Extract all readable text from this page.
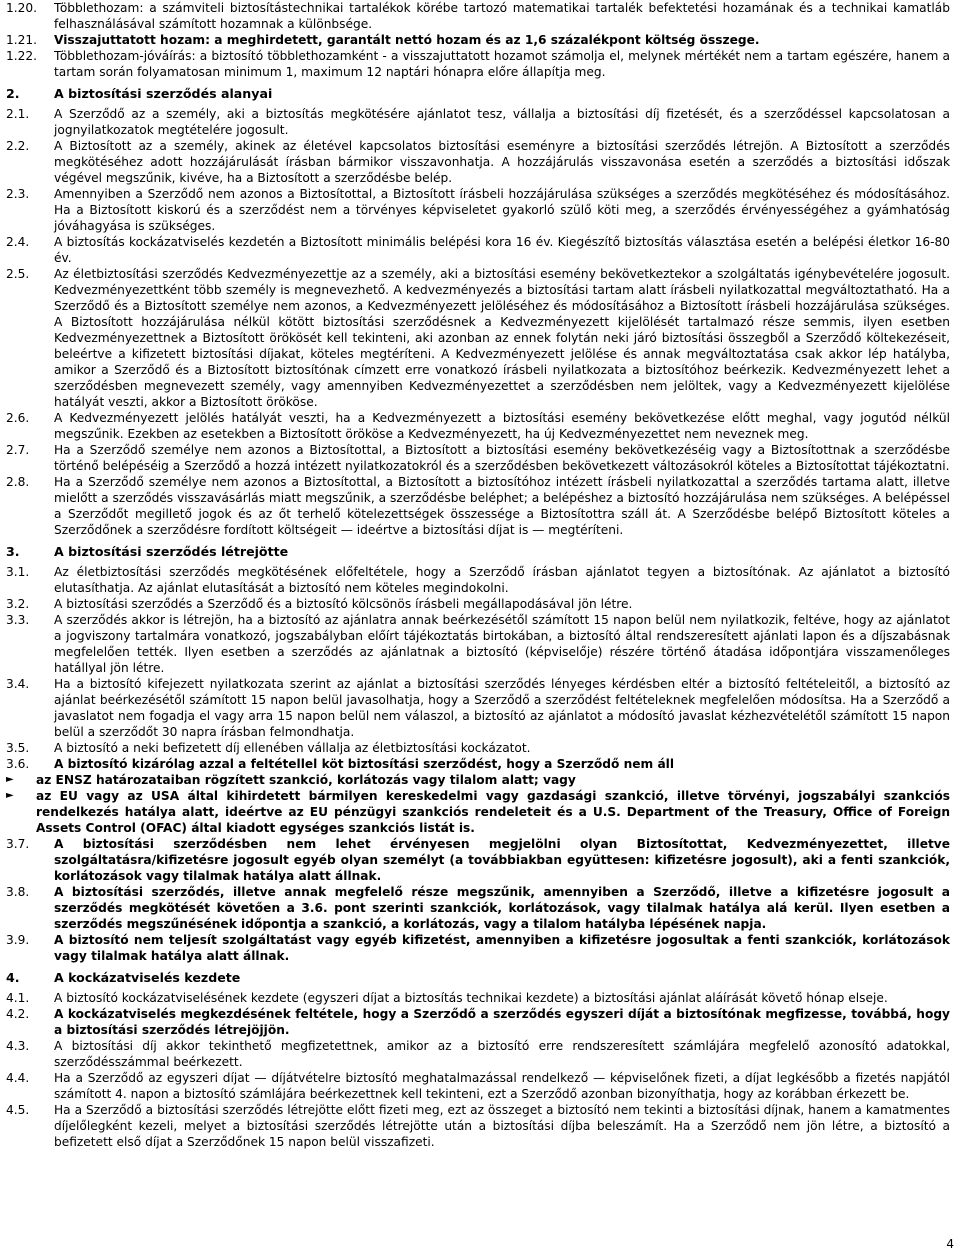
1.20.	Többlethozam: a számviteli biztosítástechnikai tartalékok körébe tartozó matematikai tartalék befektetési hozamának és a technikai kamatláb felhasználásával számított hozamnak a különbsége.
1.21.	Visszajuttatott hozam: a meghirdetett, garantált nettó hozam és az 1,6 százalékpont költség összege.
1.22.	Többlethozam-jóváírás: a biztosító többlethozamként - a visszajuttatott hozamot számolja el, melynek mértékét nem a tartam egészére, hanem a tartam során folyamatosan minimum 1, maximum 12 naptári hónapra előre állapítja meg.
2.	A biztosítási szerződés alanyai
2.1.	A Szerződő az a személy, aki a biztosítás megkötésére ajánlatot tesz, vállalja a biztosítási díj fizetését, és a szerződéssel kapcsolatosan a jognyilatkozatok megtételére jogosult.
2.2.	A Biztosított az a személy, akinek az életével kapcsolatos biztosítási eseményre a biztosítási szerződés létrejön. A Biztosított a szerződés megkötéséhez adott hozzájárulását írásban bármikor visszavonhatja. A hozzájárulás visszavonása esetén a szerződés a biztosítási időszak végével megszűnik, kivéve, ha a Biztosított a szerződésbe belép.
2.3.	Amennyiben a Szerződő nem azonos a Biztosítottal, a Biztosított írásbeli hozzájárulása szükséges a szerződés megkötéséhez és módosításához. Ha a Biztosított kiskorú és a szerződést nem a törvényes képviseletet gyakorló szülő köti meg, a szerződés érvényességéhez a gyámhatóság jóváhagyása is szükséges.
2.4.	A biztosítás kockázatviselés kezdetén a Biztosított minimális belépési kora 16 év. Kiegészítő biztosítás választása esetén a belépési életkor 16-80 év.
2.5.	Az életbiztosítási szerződés Kedvezményezettje az a személy, aki a biztosítási esemény bekövetkeztekor a szolgáltatás igénybevételére jogosult. Kedvezményezettként több személy is megnevezhető. A kedvezményezés a biztosítási tartam alatt írásbeli nyilatkozattal megváltoztatható. Ha a Szerződő és a Biztosított személye nem azonos, a Kedvezményezett jelöléséhez és módosításához a Biztosított írásbeli hozzájárulása szükséges. A Biztosított hozzájárulása nélkül kötött biztosítási szerződésnek a Kedvezményezett kijelölését tartalmazó része semmis, ilyen esetben Kedvezményezettnek a Biztosított örökösét kell tekinteni, aki azonban az ennek folytán neki járó biztosítási összegből a Szerződő költekezéseit, beleértve a kifizetett biztosítási díjakat, köteles megtéríteni. A Kedvezményezett jelölése és annak megváltoztatása csak akkor lép hatályba, amikor a Szerződő és a Biztosított biztosítónak címzett erre vonatkozó írásbeli nyilatkozata a biztosítóhoz beérkezik. Kedvezményezett lehet a szerződésben megnevezett személy, vagy amennyiben Kedvezményezettet a szerződésben nem jelöltek, vagy a Kedvezményezett kijelölése hatályát veszti, akkor a Biztosított örököse.
2.6.	A Kedvezményezett jelölés hatályát veszti, ha a Kedvezményezett a biztosítási esemény bekövetkezése előtt meghal, vagy jogutód nélkül megszűnik. Ezekben az esetekben a Biztosított örököse a Kedvezményezett, ha új Kedvezményezettet nem neveznek meg.
2.7.	Ha a Szerződő személye nem azonos a Biztosítottal, a Biztosított a biztosítási esemény bekövetkezéséig vagy a Biztosítottnak a szerződésbe történő belépéséig a Szerződő a hozzá intézett nyilatkozatokról és a szerződésben bekövetkezett változásokról köteles a Biztosítottat tájékoztatni.
2.8.	Ha a Szerződő személye nem azonos a Biztosítottal, a Biztosított a biztosítóhoz intézett írásbeli nyilatkozattal a szerződés tartama alatt, illetve mielőtt a szerződés visszavásárlás miatt megszűnik, a szerződésbe beléphet; a belépéshez a biztosító hozzájárulása nem szükséges. A belépéssel a Szerződőt megillető jogok és az őt terhelő kötelezettségek összessége a Biztosítottra száll át. A Szerződésbe belépő Biztosított köteles a Szerződőnek a szerződésre fordított költségeit — ideértve a biztosítási díjat is — megtéríteni.
3.	A biztosítási szerződés létrejötte
3.1.	Az életbiztosítási szerződés megkötésének előfeltétele, hogy a Szerződő írásban ajánlatot tegyen a biztosítónak. Az ajánlatot a biztosító elutasíthatja. Az ajánlat elutasítását a biztosító nem köteles megindokolni.
3.2.	A biztosítási szerződés a Szerződő és a biztosító kölcsönös írásbeli megállapodásával jön létre.
3.3.	A szerződés akkor is létrejön, ha a biztosító az ajánlatra annak beérkezésétől számított 15 napon belül nem nyilatkozik, feltéve, hogy az ajánlatot a jogviszony tartalmára vonatkozó, jogszabályban előírt tájékoztatás birtokában, a biztosító által rendszeresített ajánlati lapon és a díjszabásnak megfelelően tették. Ilyen esetben a szerződés az ajánlatnak a biztosító (képviselője) részére történő átadása időpontjára visszamenőleges hatállyal jön létre.
3.4.	Ha a biztosító kifejezett nyilatkozata szerint az ajánlat a biztosítási szerződés lényeges kérdésben eltér a biztosító feltételeitől, a biztosító az ajánlat beérkezésétől számított 15 napon belül javasolhatja, hogy a Szerződő a szerződést feltételeknek megfelelően módosítsa. Ha a Szerződő a javaslatot nem fogadja el vagy arra 15 napon belül nem válaszol, a biztosító az ajánlatot a módosító javaslat kézhezvételétől számított 15 napon belül a szerződőt 30 napra írásban felmondhatja.
3.5.	A biztosító a neki befizetett díj ellenében vállalja az életbiztosítási kockázatot.
3.6.	A biztosító kizárólag azzal a feltétellel köt biztosítási szerződést, hogy a Szerződő nem áll
►	az ENSZ határozataiban rögzített szankció, korlátozás vagy tilalom alatt; vagy
►	az EU vagy az USA által kihirdetett bármilyen kereskedelmi vagy gazdasági szankció, illetve törvényi, jogszabályi szankciós rendelkezés hatálya alatt, ideértve az EU pénzügyi szankciós rendeleteit és a U.S. Department of the Treasury, Office of Foreign Assets Control (OFAC) által kiadott egységes szankciós listát is.
3.7.	A biztosítási szerződésben nem lehet érvényesen megjelölni olyan Biztosítottat, Kedvezményezettet, illetve szolgáltatásra/kifizetésre jogosult egyéb olyan személyt (a továbbiakban együttesen: kifizetésre jogosult), aki a fenti szankciók, korlátozások vagy tilalmak hatálya alatt állnak.
3.8.	A biztosítási szerződés, illetve annak megfelelő része megszűnik, amennyiben a Szerződő, illetve a kifizetésre jogosult a szerződés megkötését követően a 3.6. pont szerinti szankciók, korlátozások, vagy tilalmak hatálya alá kerül. Ilyen esetben a szerződés megszűnésének időpontja a szankció, a korlátozás, vagy a tilalom hatályba lépésének napja.
3.9.	A biztosító nem teljesít szolgáltatást vagy egyéb kifizetést, amennyiben a kifizetésre jogosultak a fenti szankciók, korlátozások vagy tilalmak hatálya alatt állnak.
4.	A kockázatviselés kezdete
4.1.	A biztosító kockázatviselésének kezdete (egyszeri díjat a biztosítás technikai kezdete) a biztosítási ajánlat aláírását követő hónap elseje.
4.2.	A kockázatviselés megkezdésének feltétele, hogy a Szerződő a szerződés egyszeri díját a biztosítónak megfizesse, továbbá, hogy a biztosítási szerződés létrejöjjön.
4.3.	A biztosítási díj akkor tekinthető megfizetettnek, amikor az a biztosító erre rendszeresített számlájára megfelelő azonosító adatokkal, szerződésszámmal beérkezett.
4.4.	Ha a Szerződő az egyszeri díjat — díjátvételre biztosító meghatalmazással rendelkező — képviselőnek fizeti, a díjat legkésőbb a fizetés napjától számított 4. napon a biztosító számlájára beérkezettnek kell tekinteni, ezt a Szerződő azonban bizonyíthatja, hogy az korábban érkezett be.
4.5.	Ha a Szerződő a biztosítási szerződés létrejötte előtt fizeti meg, ezt az összeget a biztosító nem tekinti a biztosítási díjnak, hanem a kamatmentes díjelőlegként kezeli, melyet a biztosítási szerződés létrejötte után a biztosítási díjba beleszámít. Ha a Szerződő nem jön létre, a biztosító a befizetett első díjat a Szerződőnek 15 napon belül visszafizeti.
4
